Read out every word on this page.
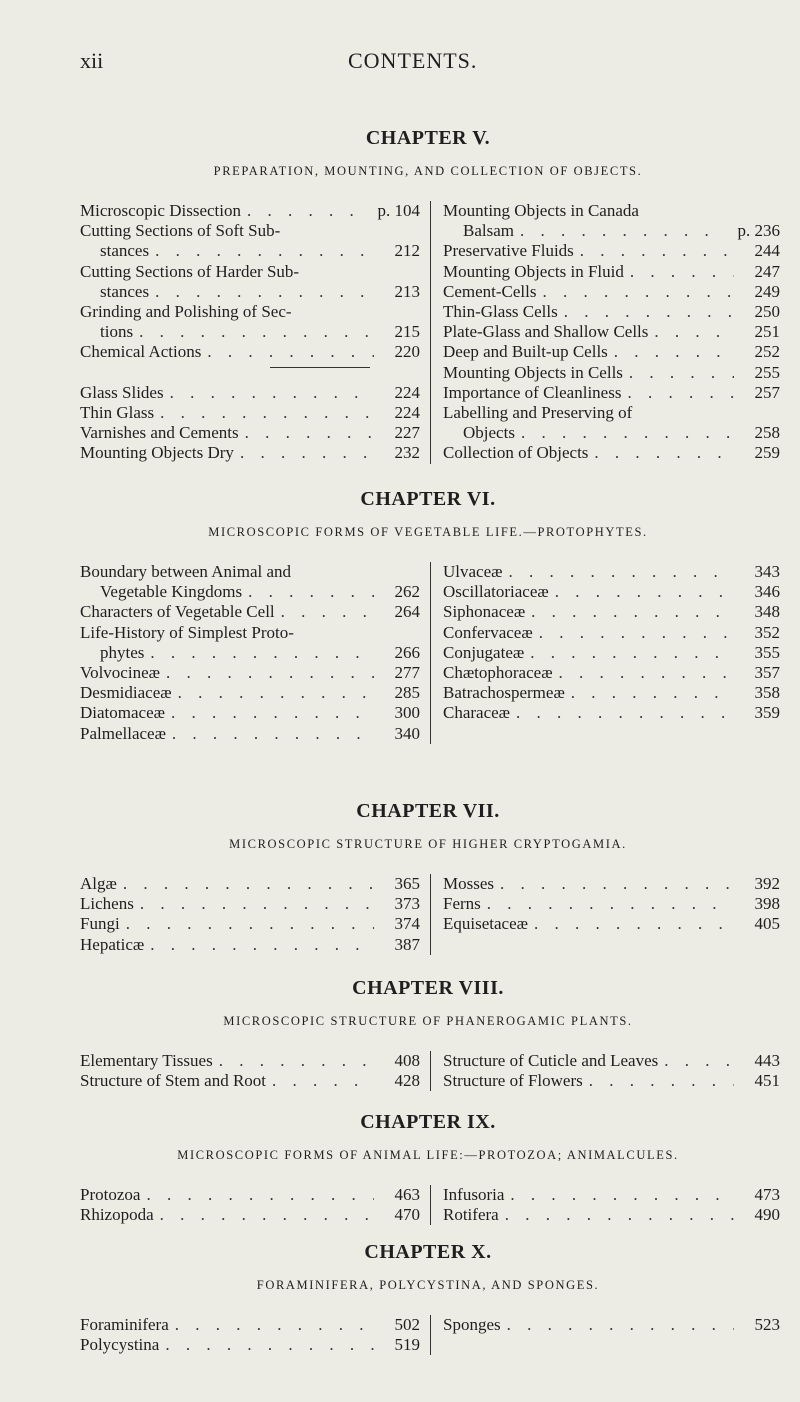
xii	CONTENTS.
CHAPTER V.

PREPARATION, MOUNTING, AND COLLECTION OF OBJECTS.

Microscopic Dissection . . .	p. 104
Cutting Sections of Soft Sub-
stances . . .	212
Cutting Sections of Harder Sub-
stances . . .	213
Grinding and Polishing of Sec-
tions . . .	215
Chemical Actions . . .	220
Glass Slides . . .	224
Thin Glass . . .	224
Varnishes and Cements . . .	227
Mounting Objects Dry . . .	232
Mounting Objects in Canada
Balsam . . .	p. 236
Preservative Fluids . . .	244
Mounting Objects in Fluid . . .	247
Cement-Cells . . .	249
Thin-Glass Cells . . .	250
Plate-Glass and Shallow Cells . . .	251
Deep and Built-up Cells . . .	252
Mounting Objects in Cells . . .	255
Importance of Cleanliness . . .	257
Labelling and Preserving of
Objects . . .	258
Collection of Objects . . .	259
CHAPTER VI.

MICROSCOPIC FORMS OF VEGETABLE LIFE.—PROTOPHYTES.

Boundary between Animal and
Vegetable Kingdoms . . .	262
Characters of Vegetable Cell . . .	264
Life-History of Simplest Proto-
phytes . . .	266
Volvocineæ . . .	277
Desmidiaceæ . . .	285
Diatomaceæ . . .	300
Palmellaceæ . . .	340
Ulvaceæ . . .	343
Oscillatoriaceæ . . .	346
Siphonaceæ . . .	348
Confervaceæ . . .	352
Conjugateæ . . .	355
Chætophoraceæ . . .	357
Batrachospermeæ . . .	358
Characeæ . . .	359
CHAPTER VII.

MICROSCOPIC STRUCTURE OF HIGHER CRYPTOGAMIA.

Algæ . . .	365
Lichens . . .	373
Fungi . . .	374
Hepaticæ . . .	387
Mosses . . .	392
Ferns . . .	398
Equisetaceæ . . .	405
CHAPTER VIII.

MICROSCOPIC STRUCTURE OF PHANEROGAMIC PLANTS.

Elementary Tissues . . .	408
Structure of Stem and Root . . .	428
Structure of Cuticle and Leaves . . .	443
Structure of Flowers . . .	451
CHAPTER IX.

MICROSCOPIC FORMS OF ANIMAL LIFE:—PROTOZOA; ANIMALCULES.

Protozoa . . .	463
Rhizopoda . . .	470
Infusoria . . .	473
Rotifera . . .	490
CHAPTER X.

FORAMINIFERA, POLYCYSTINA, AND SPONGES.

Foraminifera . . .	502
Polycystina . . .	519
Sponges . . .	523
